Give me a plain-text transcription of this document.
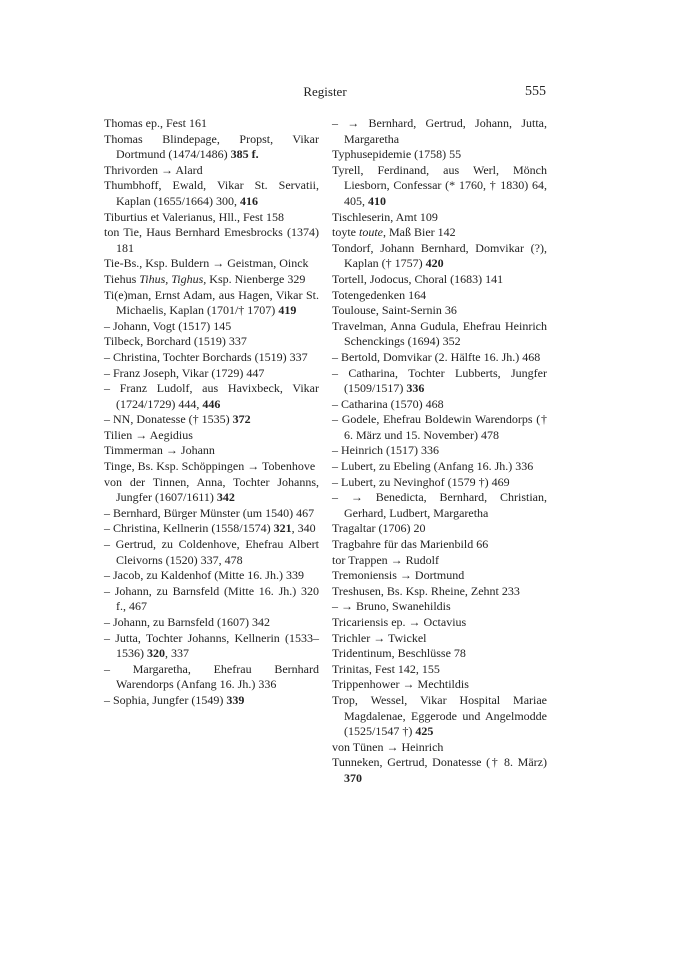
Register	555
Thomas ep., Fest 161
Thomas Blindepage, Propst, Vikar Dortmund (1474/1486) 385 f.
Thrivorden → Alard
Thumbhoff, Ewald, Vikar St. Servatii, Kaplan (1655/1664) 300, 416
Tiburtius et Valerianus, Hll., Fest 158
ton Tie, Haus Bernhard Emesbrocks (1374) 181
Tie-Bs., Ksp. Buldern → Geistman, Oinck
Tiehus Tihus, Tighus, Ksp. Nienberge 329
Ti(e)man, Ernst Adam, aus Hagen, Vikar St. Michaelis, Kaplan (1701/† 1707) 419
– Johann, Vogt (1517) 145
Tilbeck, Borchard (1519) 337
– Christina, Tochter Borchards (1519) 337
– Franz Joseph, Vikar (1729) 447
– Franz Ludolf, aus Havixbeck, Vikar (1724/1729) 444, 446
– NN, Donatesse († 1535) 372
Tilien → Aegidius
Timmerman → Johann
Tinge, Bs. Ksp. Schöppingen → Tobenhove
von der Tinnen, Anna, Tochter Johanns, Jungfer (1607/1611) 342
– Bernhard, Bürger Münster (um 1540) 467
– Christina, Kellnerin (1558/1574) 321, 340
– Gertrud, zu Coldenhove, Ehefrau Albert Cleivorns (1520) 337, 478
– Jacob, zu Kaldenhof (Mitte 16. Jh.) 339
– Johann, zu Barnsfeld (Mitte 16. Jh.) 320 f., 467
– Johann, zu Barnsfeld (1607) 342
– Jutta, Tochter Johanns, Kellnerin (1533–1536) 320, 337
– Margaretha, Ehefrau Bernhard Warendorps (Anfang 16. Jh.) 336
– Sophia, Jungfer (1549) 339
– → Bernhard, Gertrud, Johann, Jutta, Margaretha
Typhusepidemie (1758) 55
Tyrell, Ferdinand, aus Werl, Mönch Liesborn, Confessar (* 1760, † 1830) 64, 405, 410
Tischleserin, Amt 109
toyte toute, Maß Bier 142
Tondorf, Johann Bernhard, Domvikar (?), Kaplan († 1757) 420
Tortell, Jodocus, Choral (1683) 141
Totengedenken 164
Toulouse, Saint-Sernin 36
Travelman, Anna Gudula, Ehefrau Heinrich Schenckings (1694) 352
– Bertold, Domvikar (2. Hälfte 16. Jh.) 468
– Catharina, Tochter Lubberts, Jungfer (1509/1517) 336
– Catharina (1570) 468
– Godele, Ehefrau Boldewin Warendorps († 6. März und 15. November) 478
– Heinrich (1517) 336
– Lubert, zu Ebeling (Anfang 16. Jh.) 336
– Lubert, zu Nevinghof (1579 †) 469
– → Benedicta, Bernhard, Christian, Gerhard, Ludbert, Margaretha
Tragaltar (1706) 20
Tragbahre für das Marienbild 66
tor Trappen → Rudolf
Tremoniensis → Dortmund
Treshusen, Bs. Ksp. Rheine, Zehnt 233
– → Bruno, Swanehildis
Tricariensis ep. → Octavius
Trichler → Twickel
Tridentinum, Beschlüsse 78
Trinitas, Fest 142, 155
Trippenhower → Mechtildis
Trop, Wessel, Vikar Hospital Mariae Magdalenae, Eggerode und Angelmodde (1525/1547 †) 425
von Tünen → Heinrich
Tunneken, Gertrud, Donatesse († 8. März) 370
